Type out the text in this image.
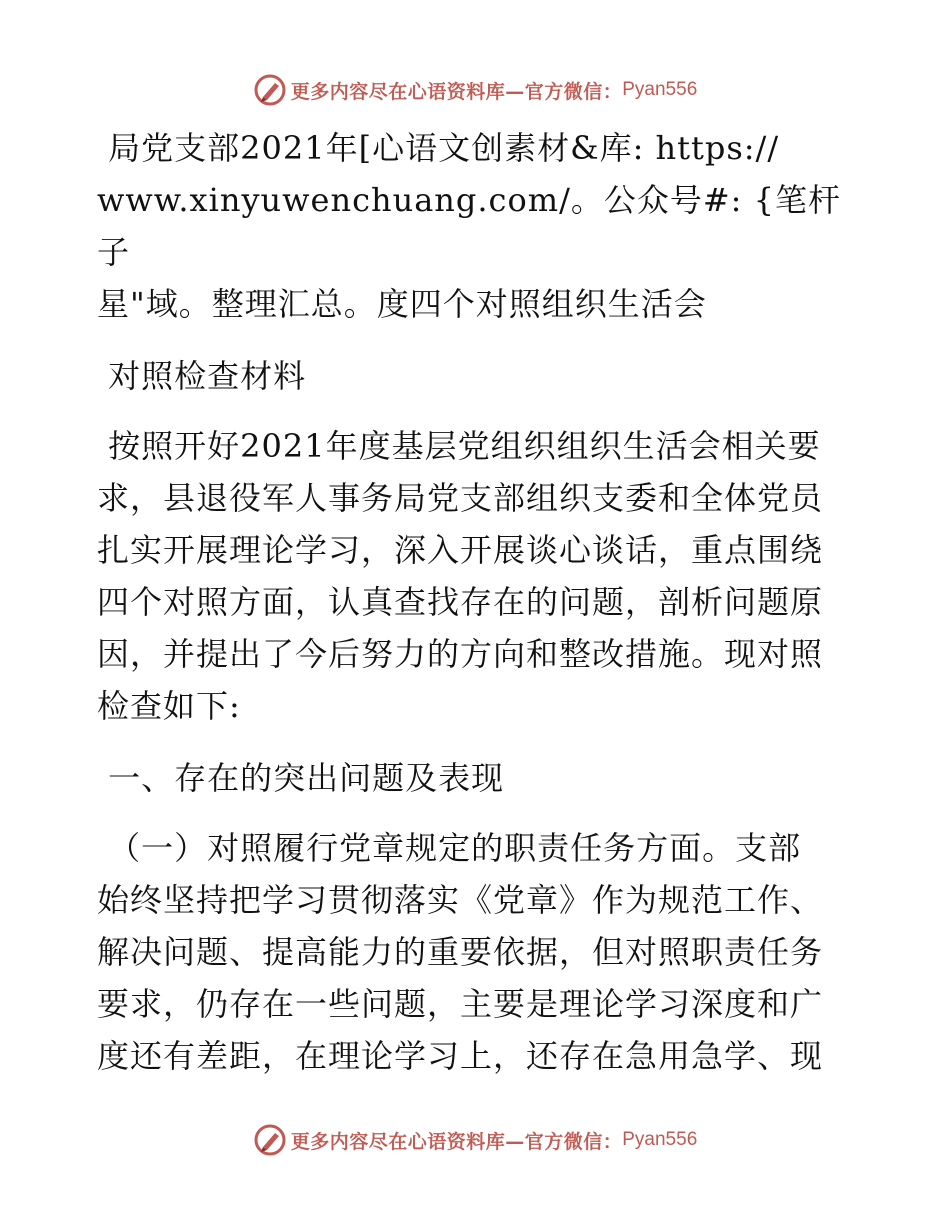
更多内容尽在心语资料库—官方微信： Pyan556
局党支部2021年[心语文创素材&库: https://
www.xinyuwenchuang.com/。公众号#: {笔杆子
星"域。整理汇总。度四个对照组织生活会
对照检查材料
按照开好2021年度基层党组织组织生活会相关要
求，县退役军人事务局党支部组织支委和全体党员
扎实开展理论学习，深入开展谈心谈话，重点围绕
四个对照方面，认真查找存在的问题，剖析问题原
因，并提出了今后努力的方向和整改措施。现对照
检查如下:
一、存在的突出问题及表现
（一）对照履行党章规定的职责任务方面。支部
始终坚持把学习贯彻落实《党章》作为规范工作、
解决问题、提高能力的重要依据，但对照职责任务
要求，仍存在一些问题，主要是理论学习深度和广
度还有差距，在理论学习上，还存在急用急学、现
更多内容尽在心语资料库—官方微信： Pyan556
